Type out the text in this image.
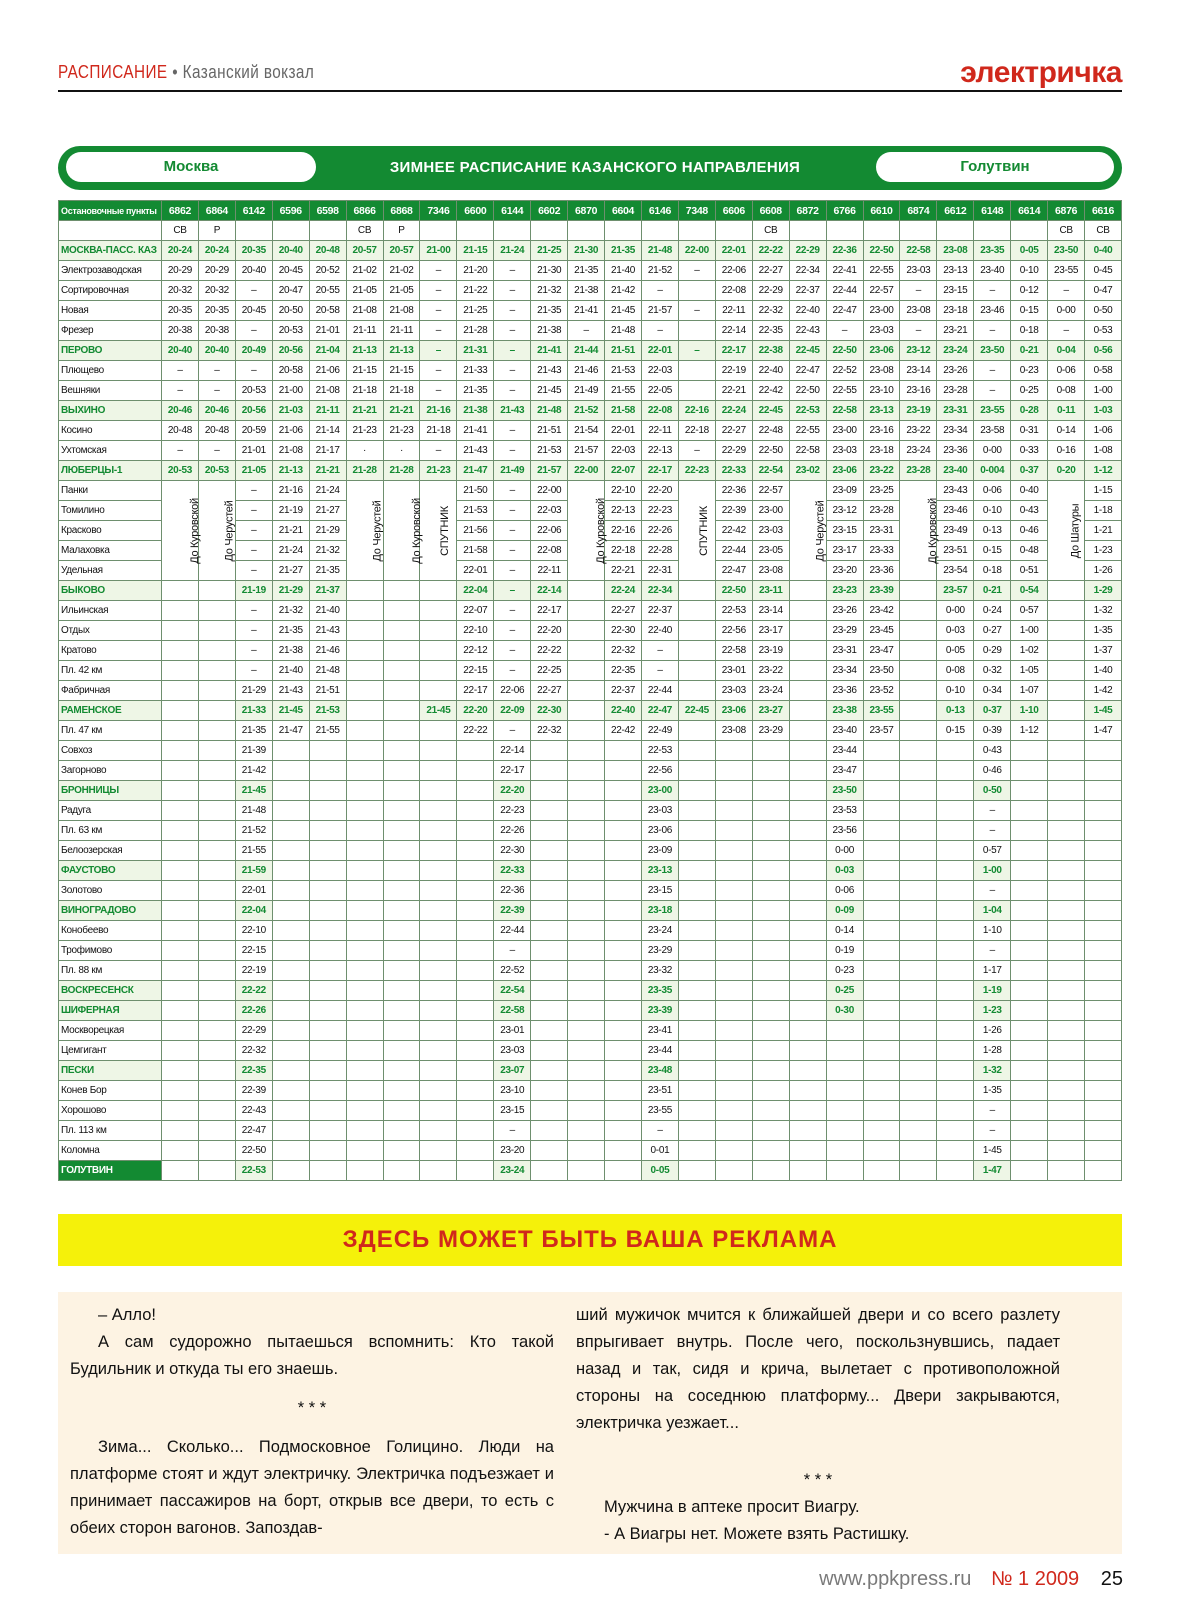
РАСПИСАНИЕ • Казанский вокзал	электричка
Москва	ЗИМНЕЕ РАСПИСАНИЕ КАЗАНСКОГО НАПРАВЛЕНИЯ	Голутвин
Остановочные пункты	6862	6864	6142	6596	6598	6866	6868	7346	6600	6144	6602	6870	6604	6146	7348	6606	6608	6872	6766	6610	6874	6612	6148	6614	6876	6616
	СВ	Р				СВ	Р										СВ								СВ	СВ
МОСКВА-ПАСС. КАЗ	20-24	20-24	20-35	20-40	20-48	20-57	20-57	21-00	21-15	21-24	21-25	21-30	21-35	21-48	22-00	22-01	22-22	22-29	22-36	22-50	22-58	23-08	23-35	0-05	23-50	0-40
Электрозаводская	20-29	20-29	20-40	20-45	20-52	21-02	21-02	–	21-20	–	21-30	21-35	21-40	21-52	–	22-06	22-27	22-34	22-41	22-55	23-03	23-13	23-40	0-10	23-55	0-45
Сортировочная	20-32	20-32	–	20-47	20-55	21-05	21-05	–	21-22	–	21-32	21-38	21-42	–		22-08	22-29	22-37	22-44	22-57	–	23-15	–	0-12	–	0-47
Новая	20-35	20-35	20-45	20-50	20-58	21-08	21-08	–	21-25	–	21-35	21-41	21-45	21-57	–	22-11	22-32	22-40	22-47	23-00	23-08	23-18	23-46	0-15	0-00	0-50
Фрезер	20-38	20-38	–	20-53	21-01	21-11	21-11	–	21-28	–	21-38	–	21-48	–		22-14	22-35	22-43	–	23-03	–	23-21	–	0-18	–	0-53
ПЕРОВО	20-40	20-40	20-49	20-56	21-04	21-13	21-13	–	21-31	–	21-41	21-44	21-51	22-01	–	22-17	22-38	22-45	22-50	23-06	23-12	23-24	23-50	0-21	0-04	0-56
Плющево	–	–	–	20-58	21-06	21-15	21-15	–	21-33	–	21-43	21-46	21-53	22-03		22-19	22-40	22-47	22-52	23-08	23-14	23-26	–	0-23	0-06	0-58
Вешняки	–	–	20-53	21-00	21-08	21-18	21-18	–	21-35	–	21-45	21-49	21-55	22-05		22-21	22-42	22-50	22-55	23-10	23-16	23-28	–	0-25	0-08	1-00
ВЫХИНО	20-46	20-46	20-56	21-03	21-11	21-21	21-21	21-16	21-38	21-43	21-48	21-52	21-58	22-08	22-16	22-24	22-45	22-53	22-58	23-13	23-19	23-31	23-55	0-28	0-11	1-03
Косино	20-48	20-48	20-59	21-06	21-14	21-23	21-23	21-18	21-41	–	21-51	21-54	22-01	22-11	22-18	22-27	22-48	22-55	23-00	23-16	23-22	23-34	23-58	0-31	0-14	1-06
Ухтомская	–	–	21-01	21-08	21-17	·	·	–	21-43	–	21-53	21-57	22-03	22-13	–	22-29	22-50	22-58	23-03	23-18	23-24	23-36	0-00	0-33	0-16	1-08
ЛЮБЕРЦЫ-1	20-53	20-53	21-05	21-13	21-21	21-28	21-28	21-23	21-47	21-49	21-57	22-00	22-07	22-17	22-23	22-33	22-54	23-02	23-06	23-22	23-28	23-40	0-004	0-37	0-20	1-12
Панки	До Куровской	До Черустей	–	21-16	21-24	До Черустей	До Куровской	СПУТНИК	21-50	–	22-00	До Куровской	22-10	22-20	СПУТНИК	22-36	22-57	До Черустей	23-09	23-25	До Куровской	23-43	0-06	0-40	До Шатуры	1-15
Томилино			–	21-19	21-27				21-53	–	22-03		22-13	22-23		22-39	23-00		23-12	23-28		23-46	0-10	0-43		1-18
Красково			–	21-21	21-29				21-56	–	22-06		22-16	22-26		22-42	23-03		23-15	23-31		23-49	0-13	0-46		1-21
Малаховка			–	21-24	21-32				21-58	–	22-08		22-18	22-28		22-44	23-05		23-17	23-33		23-51	0-15	0-48		1-23
Удельная			–	21-27	21-35				22-01	–	22-11		22-21	22-31		22-47	23-08		23-20	23-36		23-54	0-18	0-51		1-26
БЫКОВО			21-19	21-29	21-37				22-04	–	22-14		22-24	22-34		22-50	23-11		23-23	23-39		23-57	0-21	0-54		1-29
Ильинская			–	21-32	21-40				22-07	–	22-17		22-27	22-37		22-53	23-14		23-26	23-42		0-00	0-24	0-57		1-32
Отдых			–	21-35	21-43				22-10	–	22-20		22-30	22-40		22-56	23-17		23-29	23-45		0-03	0-27	1-00		1-35
Кратово			–	21-38	21-46				22-12	–	22-22		22-32	–		22-58	23-19		23-31	23-47		0-05	0-29	1-02		1-37
Пл. 42 км			–	21-40	21-48				22-15	–	22-25		22-35	–		23-01	23-22		23-34	23-50		0-08	0-32	1-05		1-40
Фабричная			21-29	21-43	21-51				22-17	22-06	22-27		22-37	22-44		23-03	23-24		23-36	23-52		0-10	0-34	1-07		1-42
РАМЕНСКОЕ			21-33	21-45	21-53			21-45	22-20	22-09	22-30		22-40	22-47	22-45	23-06	23-27		23-38	23-55		0-13	0-37	1-10		1-45
Пл. 47 км			21-35	21-47	21-55				22-22	–	22-32		22-42	22-49		23-08	23-29		23-40	23-57		0-15	0-39	1-12		1-47
Совхоз			21-39							22-14				22-53					23-44				0-43			
Загорново			21-42							22-17				22-56					23-47				0-46			
БРОННИЦЫ			21-45							22-20				23-00					23-50				0-50			
Радуга			21-48							22-23				23-03					23-53				–			
Пл. 63 км			21-52							22-26				23-06					23-56				–			
Белоозерская			21-55							22-30				23-09					0-00				0-57			
ФАУСТОВО			21-59							22-33				23-13					0-03				1-00			
Золотово			22-01							22-36				23-15					0-06				–			
ВИНОГРАДОВО			22-04							22-39				23-18					0-09				1-04			
Конобеево			22-10							22-44				23-24					0-14				1-10			
Трофимово			22-15							–				23-29					0-19				–			
Пл. 88 км			22-19							22-52				23-32					0-23				1-17			
ВОСКРЕСЕНСК			22-22							22-54				23-35					0-25				1-19			
ШИФЕРНАЯ			22-26							22-58				23-39					0-30				1-23			
Москворецкая			22-29							23-01				23-41									1-26			
Цемгигант			22-32							23-03				23-44									1-28			
ПЕСКИ			22-35							23-07				23-48									1-32			
Конев Бор			22-39							23-10				23-51									1-35			
Хорошово			22-43							23-15				23-55									–			
Пл. 113 км			22-47							–				–									–			
Коломна			22-50							23-20				0-01									1-45			
ГОЛУТВИН			22-53							23-24				0-05									1-47			
ЗДЕСЬ МОЖЕТ БЫТЬ ВАША РЕКЛАМА

– Алло!

А сам судорожно пытаешься вспомнить: Кто такой Будильник и откуда ты его знаешь.

* * *

Зима... Сколько... Подмосковное Голицино. Люди на платформе стоят и ждут электричку. Электричка подъезжает и принимает пассажиров на борт, открыв все двери, то есть с обеих сторон вагонов. Запоздав-

ший мужичок мчится к ближайшей двери и со всего разлету впрыгивает внутрь. После чего, поскользнувшись, падает назад и так, сидя и крича, вылетает с противоположной стороны на соседнюю платформу... Двери закрываются, электричка уезжает...

* * *

Мужчина в аптеке просит Виагру.

- А Виагры нет. Можете взять Растишку.

www.ppkpress.ru № 1 2009 25
